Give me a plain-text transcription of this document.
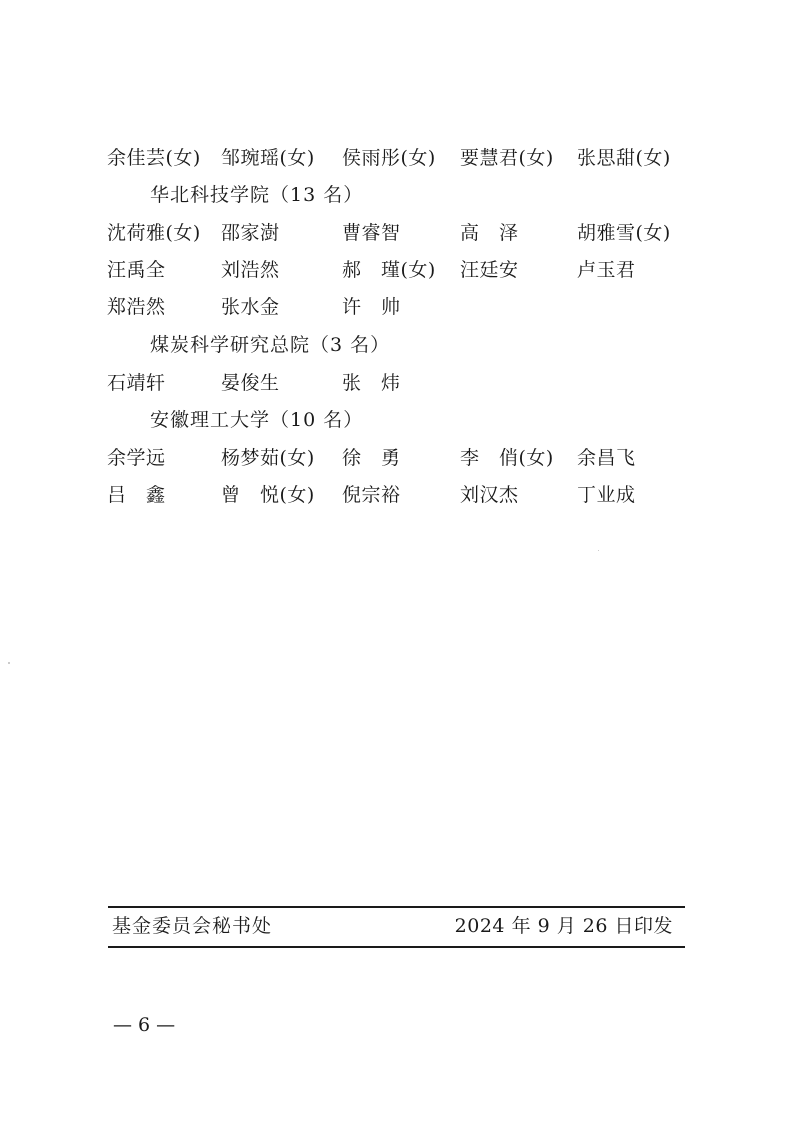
余佳芸(女) 邹琬瑶(女) 侯雨彤(女) 要慧君(女) 张思甜(女)
华北科技学院（13 名）
沈荷雅(女) 邵家澍	曹睿智	高　泽	胡雅雪(女)
汪禹全	刘浩然	郝　瑾(女) 汪廷安	卢玉君
郑浩然	张水金	许　帅
煤炭科学研究总院（3 名）
石靖轩	晏俊生	张　炜
安徽理工大学（10 名）
余学远	杨梦茹(女) 徐　勇	李　俏(女) 余昌飞
吕　鑫	曾　悦(女) 倪宗裕	刘汉杰	丁业成
基金委员会秘书处	2024 年 9 月 26 日印发
— 6 —
